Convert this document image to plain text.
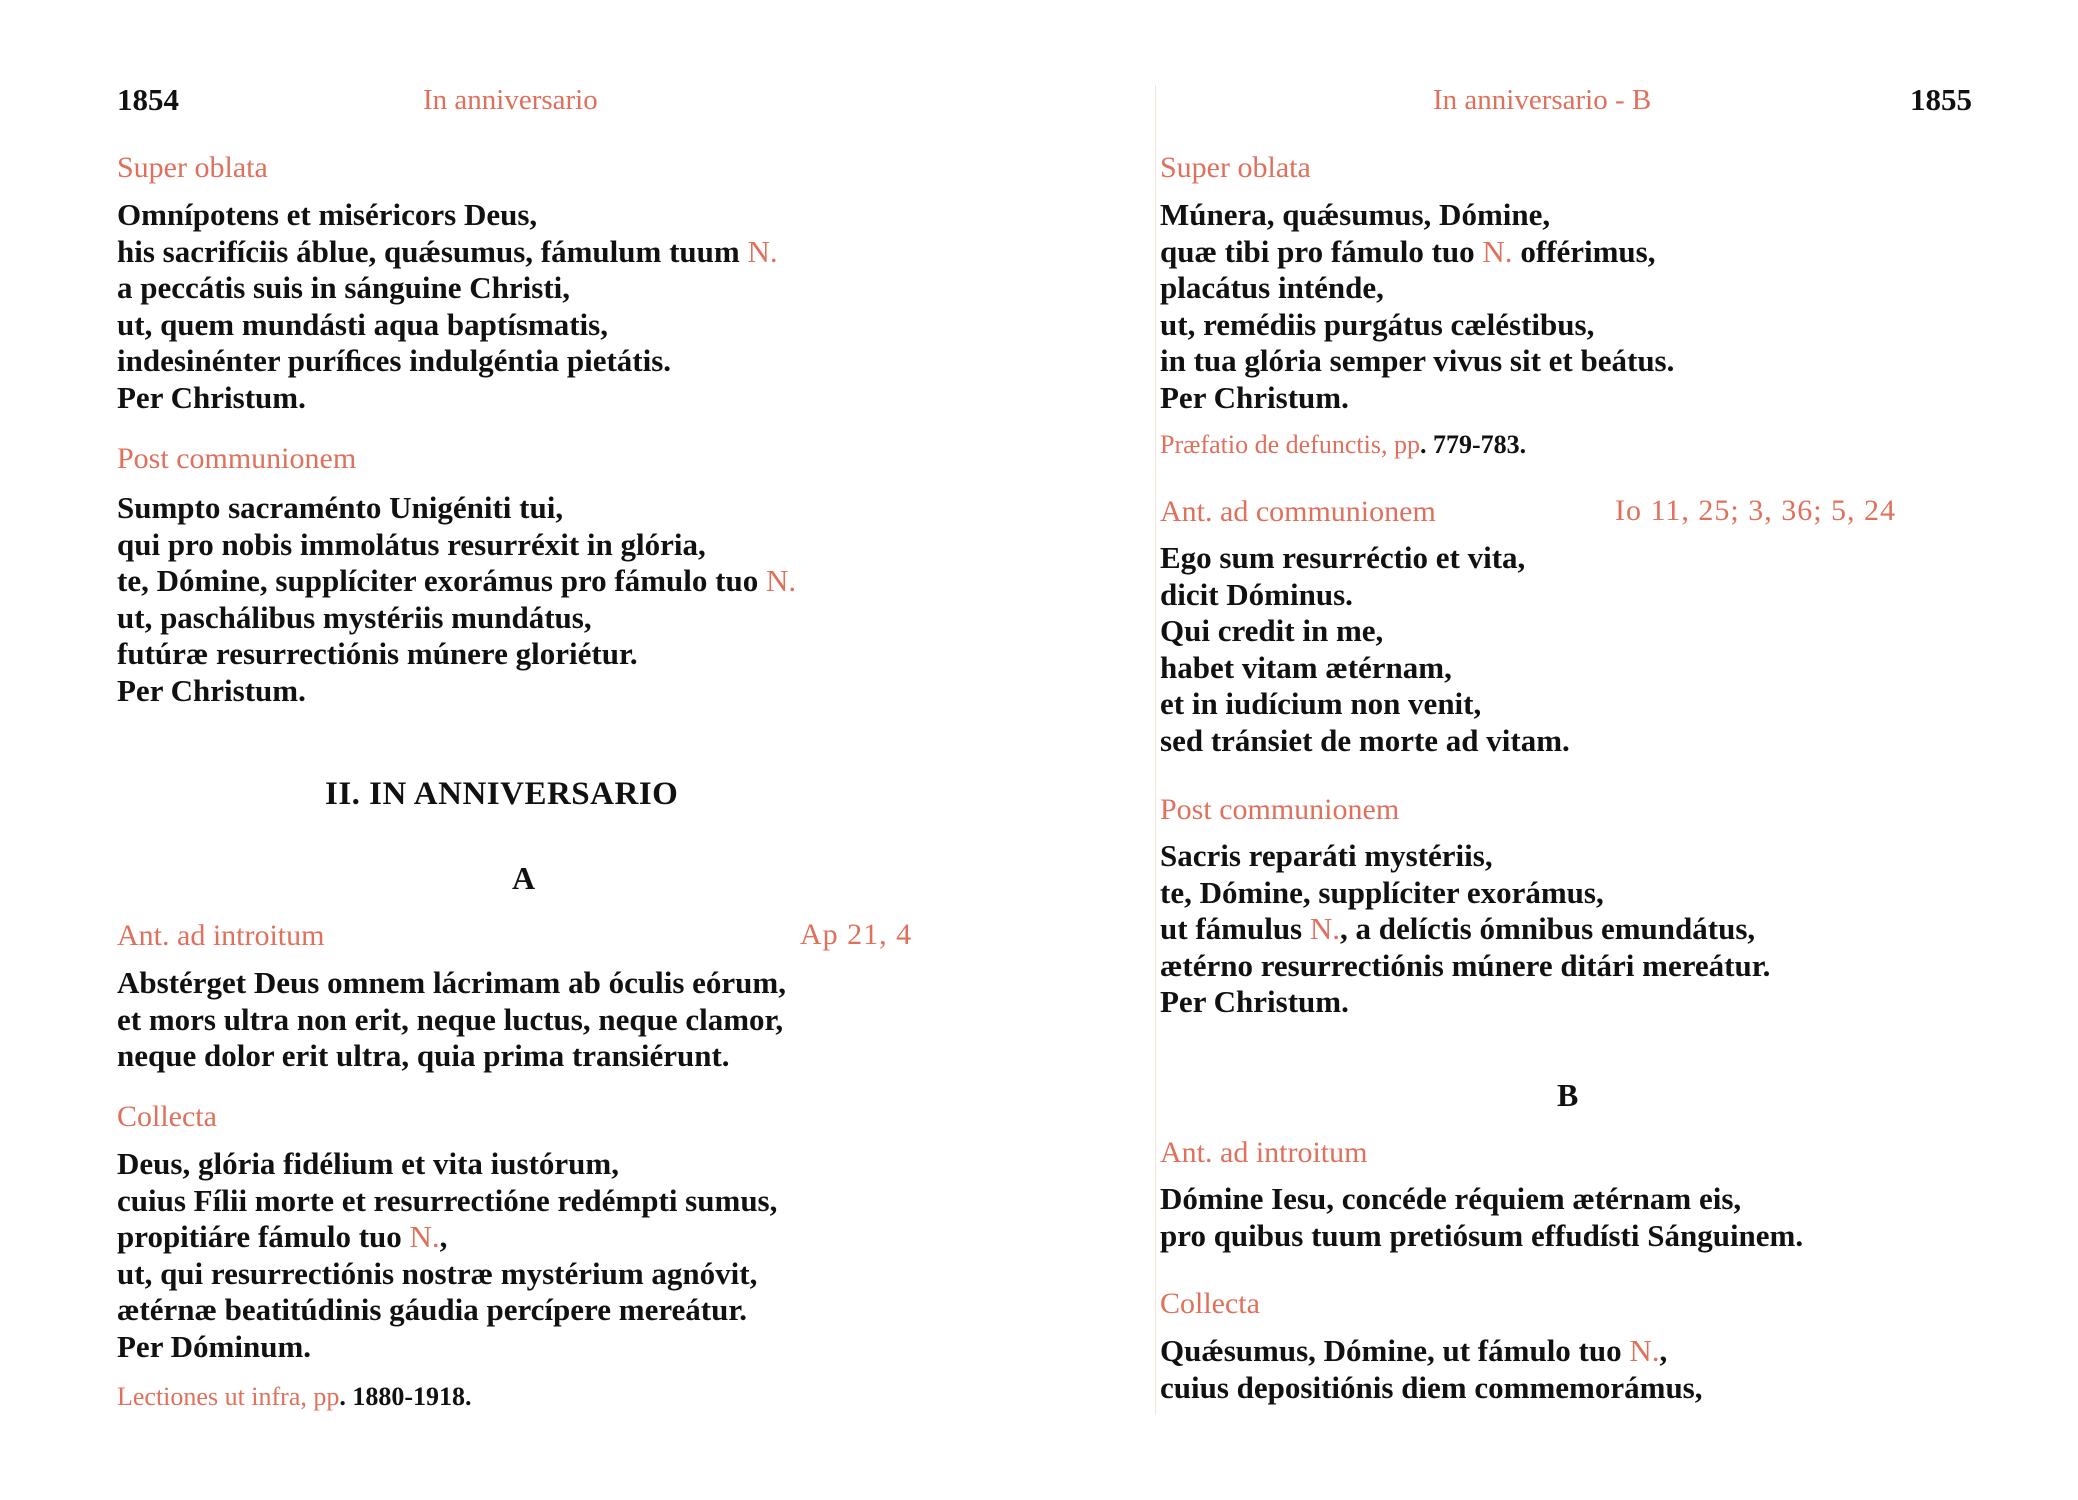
1854	In anniversario
Super oblata
Omnípotens et miséricors Deus,
his sacrifíciis áblue, quǽsumus, fámulum tuum N.
a peccátis suis in sánguine Christi,
ut, quem mundásti aqua baptísmatis,
indesinénter puríﬁces indulgéntia pietátis.
Per Christum.
Post communionem
Sumpto sacraménto Unigéniti tui,
qui pro nobis immolátus resurréxit in glória,
te, Dómine, supplíciter exorámus pro fámulo tuo N.
ut, paschálibus mystériis mundátus,
futúræ resurrectiónis múnere gloriétur.
Per Christum.
II. IN ANNIVERSARIO
A
Ant. ad introitum	Ap 21, 4
Abstérget Deus omnem lácrimam ab óculis eórum,
et mors ultra non erit, neque luctus, neque clamor,
neque dolor erit ultra, quia prima transiérunt.
Collecta
Deus, glória fidélium et vita iustórum,
cuius Fílii morte et resurrectióne redémpti sumus,
propitiáre fámulo tuo N.,
ut, qui resurrectiónis nostræ mystérium agnóvit,
ætérnæ beatitúdinis gáudia percípere mereátur.
Per Dóminum.
Lectiones ut infra, pp. 1880-1918.
In anniversario - B	1855
Super oblata
Múnera, quǽsumus, Dómine,
quæ tibi pro fámulo tuo N. offérimus,
placátus inténde,
ut, remédiis purgátus cæléstibus,
in tua glória semper vivus sit et beátus.
Per Christum.
Præfatio de defunctis, pp. 779-783.
Ant. ad communionem	Io 11, 25; 3, 36; 5, 24
Ego sum resurréctio et vita,
dicit Dóminus.
Qui credit in me,
habet vitam ætérnam,
et in iudícium non venit,
sed tránsiet de morte ad vitam.
Post communionem
Sacris reparáti mystériis,
te, Dómine, supplíciter exorámus,
ut fámulus N., a delíctis ómnibus emundátus,
ætérno resurrectiónis múnere ditári mereátur.
Per Christum.
B
Ant. ad introitum
Dómine Iesu, concéde réquiem ætérnam eis,
pro quibus tuum pretiósum effudísti Sánguinem.
Collecta
Quǽsumus, Dómine, ut fámulo tuo N.,
cuius depositiónis diem commemorámus,
